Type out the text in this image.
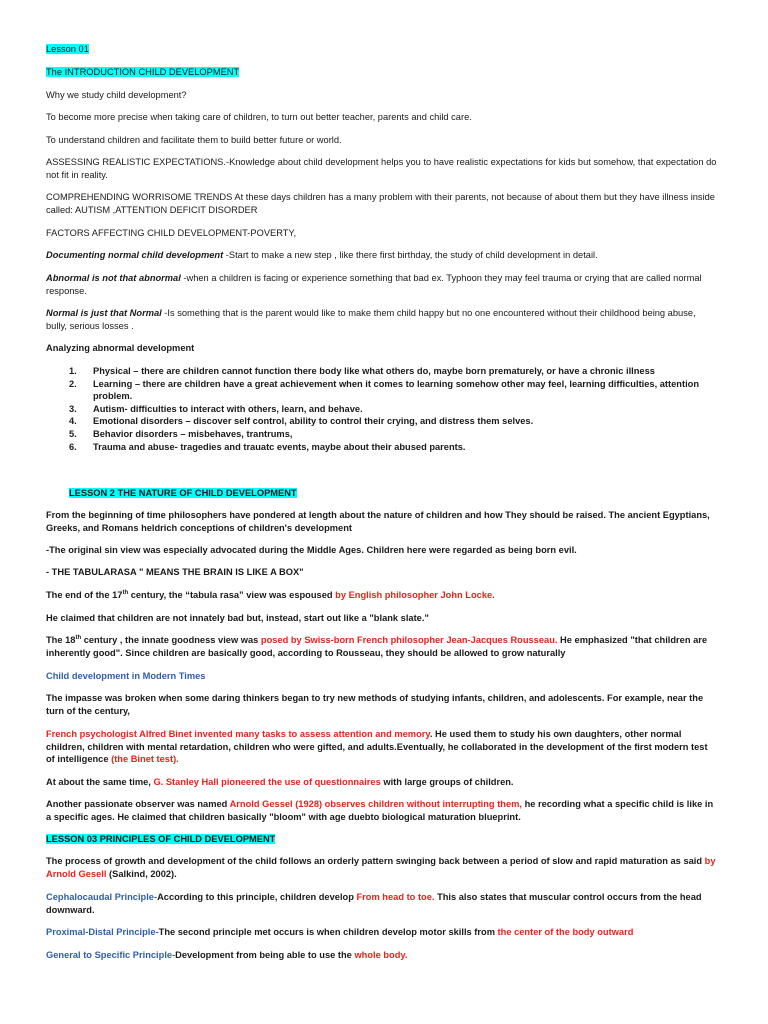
Lesson 01

The INTRODUCTION CHILD DEVELOPMENT

Why we study child development?

To become more precise when taking care of children, to turn out better teacher, parents and child care.

To understand children and facilitate them to build better future or world.

ASSESSING REALISTIC EXPECTATIONS.-Knowledge about child development helps you to have realistic expectations for kids but somehow, that expectation do not fit in reality.

COMPREHENDING WORRISOME TRENDS At these days children has a many problem with their parents, not because of about them but they have illness inside called: AUTISM ,ATTENTION DEFICIT DISORDER

FACTORS AFFECTING CHILD DEVELOPMENT-POVERTY,

Documenting normal child development -Start to make a new step , like there first birthday, the study of child development in detail.

Abnormal is not that abnormal -when a children is facing or experience something that bad ex. Typhoon they may feel trauma or crying that are called normal response.

Normal is just that Normal -Is something that is the parent would like to make them child happy but no one encountered without their childhood being abuse, bully, serious losses .

Analyzing abnormal development

1. Physical – there are children cannot function there body like what others do, maybe born prematurely, or have a chronic illness
2. Learning – there are children have a great achievement when it comes to learning somehow other may feel, learning difficulties, attention problem.
3. Autism- difficulties to interact with others, learn, and behave.
4. Emotional disorders – discover self control, ability to control their crying, and distress them selves.
5. Behavior disorders – misbehaves, trantrums,
6. Trauma and abuse- tragedies and trauatc events, maybe about their abused parents.

LESSON 2 THE NATURE OF CHILD DEVELOPMENT

From the beginning of time philosophers have pondered at length about the nature of children and how They should be raised. The ancient Egyptians, Greeks, and Romans heldrich conceptions of children's development

-The original sin view was especially advocated during the Middle Ages. Children here were regarded as being born evil.

- THE TABULARASA " MEANS THE BRAIN IS LIKE A BOX"

The end of the 17th century, the “tabula rasa” view was espoused by English philosopher John Locke.

He claimed that children are not innately bad but, instead, start out like a "blank slate."

The 18th century , the innate goodness view was posed by Swiss-born French philosopher Jean-Jacques Rousseau. He emphasized "that children are inherently good". Since children are basically good, according to Rousseau, they should be allowed to grow naturally

Child development in Modern Times

The impasse was broken when some daring thinkers began to try new methods of studying infants, children, and adolescents. For example, near the turn of the century,

French psychologist Alfred Binet invented many tasks to assess attention and memory. He used them to study his own daughters, other normal children, children with mental retardation, children who were gifted, and adults.Eventually, he collaborated in the development of the first modern test of intelligence (the Binet test).

At about the same time, G. Stanley Hall pioneered the use of questionnaires with large groups of children.

Another passionate observer was named Arnold Gessel (1928) observes children without interrupting them, he recording what a specific child is like in a specific ages. He claimed that children basically "bloom" with age duebto biological maturation blueprint.

LESSON 03 PRINCIPLES OF CHILD DEVELOPMENT

The process of growth and development of the child follows an orderly pattern swinging back between a period of slow and rapid maturation as said by Arnold Gesell (Salkind, 2002).

Cephalocaudal Principle-According to this principle, children develop From head to toe. This also states that muscular control occurs from the head downward.

Proximal-Distal Principle-The second principle met occurs is when children develop motor skills from the center of the body outward

General to Specific Principle-Development from being able to use the whole body.
